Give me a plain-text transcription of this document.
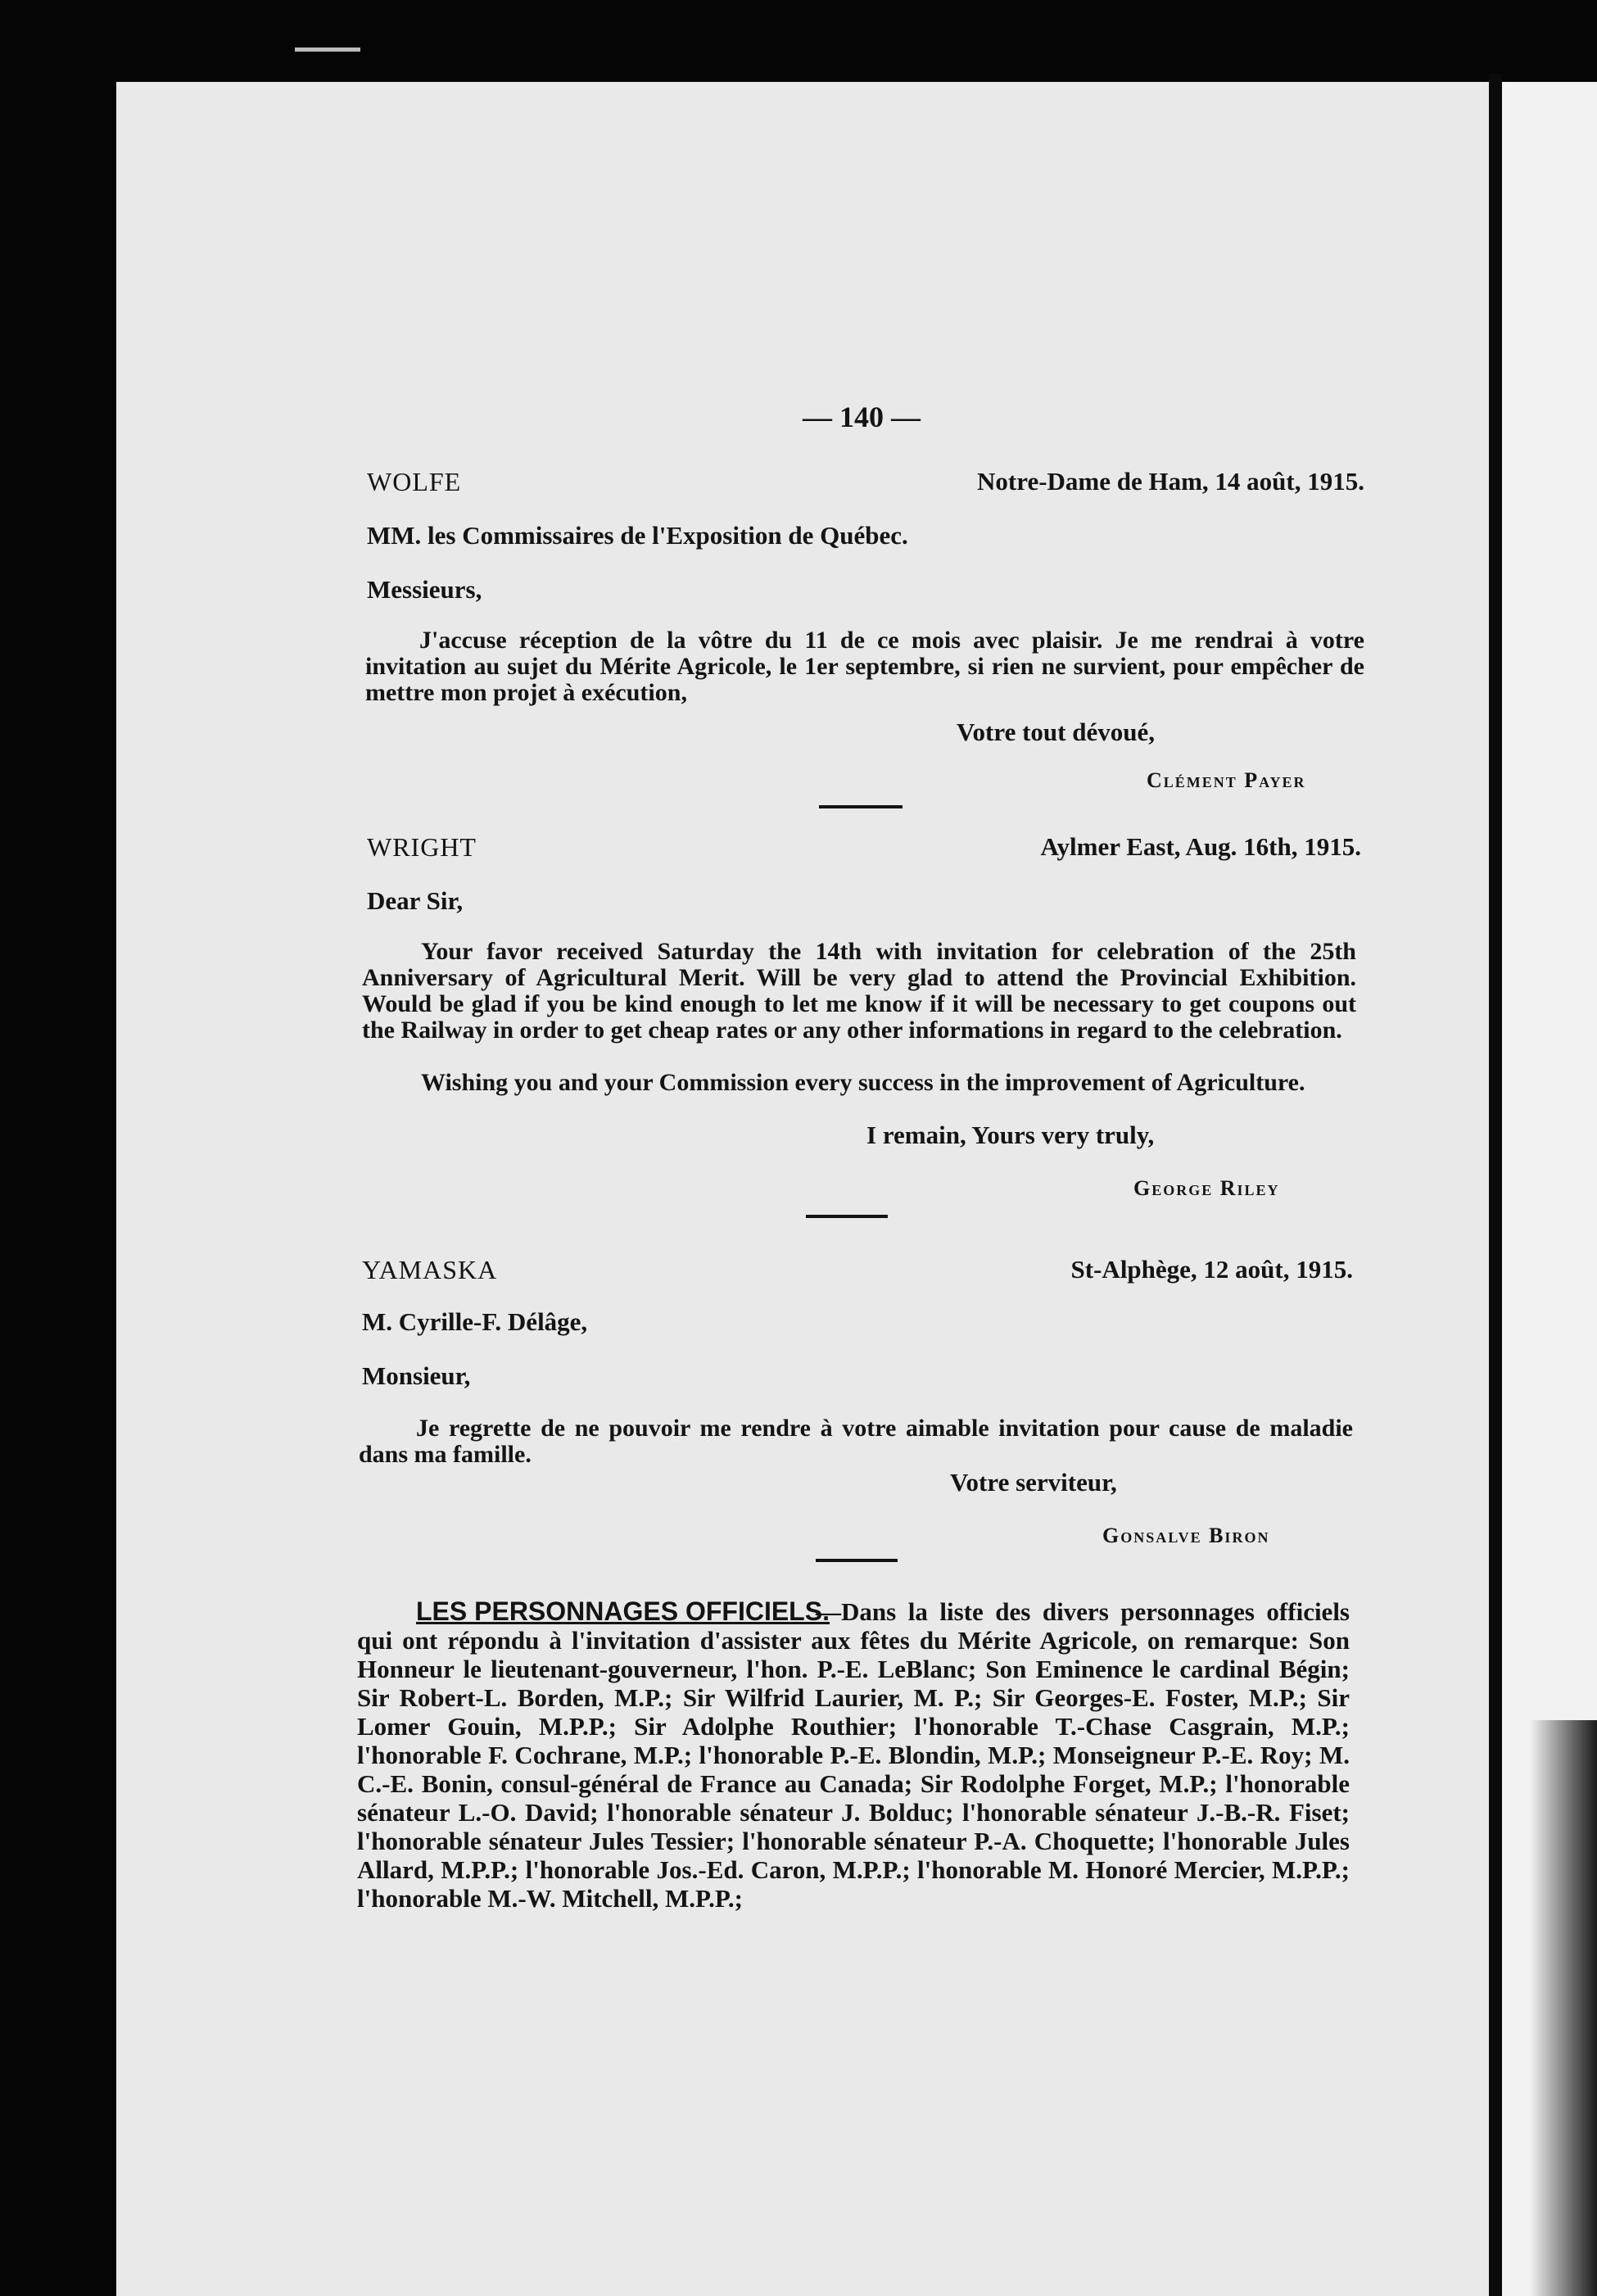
— 140 —
WOLFE	Notre-Dame de Ham, 14 août, 1915.
MM. les Commissaires de l'Exposition de Québec.
Messieurs,
J'accuse réception de la vôtre du 11 de ce mois avec plaisir. Je me rendrai à votre invitation au sujet du Mérite Agricole, le 1er septembre, si rien ne survient, pour empêcher de mettre mon projet à exécution,
Votre tout dévoué,
Clément Payer
WRIGHT	Aylmer East, Aug. 16th, 1915.
Dear Sir,
Your favor received Saturday the 14th with invitation for celebration of the 25th Anniversary of Agricultural Merit. Will be very glad to attend the Provincial Exhibition. Would be glad if you be kind enough to let me know if it will be necessary to get coupons out the Railway in order to get cheap rates or any other informations in regard to the celebration.
Wishing you and your Commission every success in the improvement of Agriculture.
I remain, Yours very truly,
George Riley
YAMASKA	St-Alphège, 12 août, 1915.
M. Cyrille-F. Délâge,
Monsieur,
Je regrette de ne pouvoir me rendre à votre aimable invitation pour cause de maladie dans ma famille.
Votre serviteur,
Gonsalve Biron
LES PERSONNAGES OFFICIELS.
—Dans la liste des divers personnages officiels qui ont répondu à l'invitation d'assister aux fêtes du Mérite Agricole, on remarque: Son Honneur le lieutenant-gouverneur, l'hon. P.-E. LeBlanc; Son Eminence le cardinal Bégin; Sir Robert-L. Borden, M.P.; Sir Wilfrid Laurier, M. P.; Sir Georges-E. Foster, M.P.; Sir Lomer Gouin, M.P.P.; Sir Adolphe Routhier; l'honorable T.-Chase Casgrain, M.P.; l'honorable F. Cochrane, M.P.; l'honorable P.-E. Blondin, M.P.; Monseigneur P.-E. Roy; M. C.-E. Bonin, consul-général de France au Canada; Sir Rodolphe Forget, M.P.; l'honorable sénateur L.-O. David; l'honorable sénateur J. Bolduc; l'honorable sénateur J.-B.-R. Fiset; l'honorable sénateur Jules Tessier; l'honorable sénateur P.-A. Choquette; l'honorable Jules Allard, M.P.P.; l'honorable Jos.-Ed. Caron, M.P.P.; l'honorable M. Honoré Mercier, M.P.P.; l'honorable M.-W. Mitchell, M.P.P.;
